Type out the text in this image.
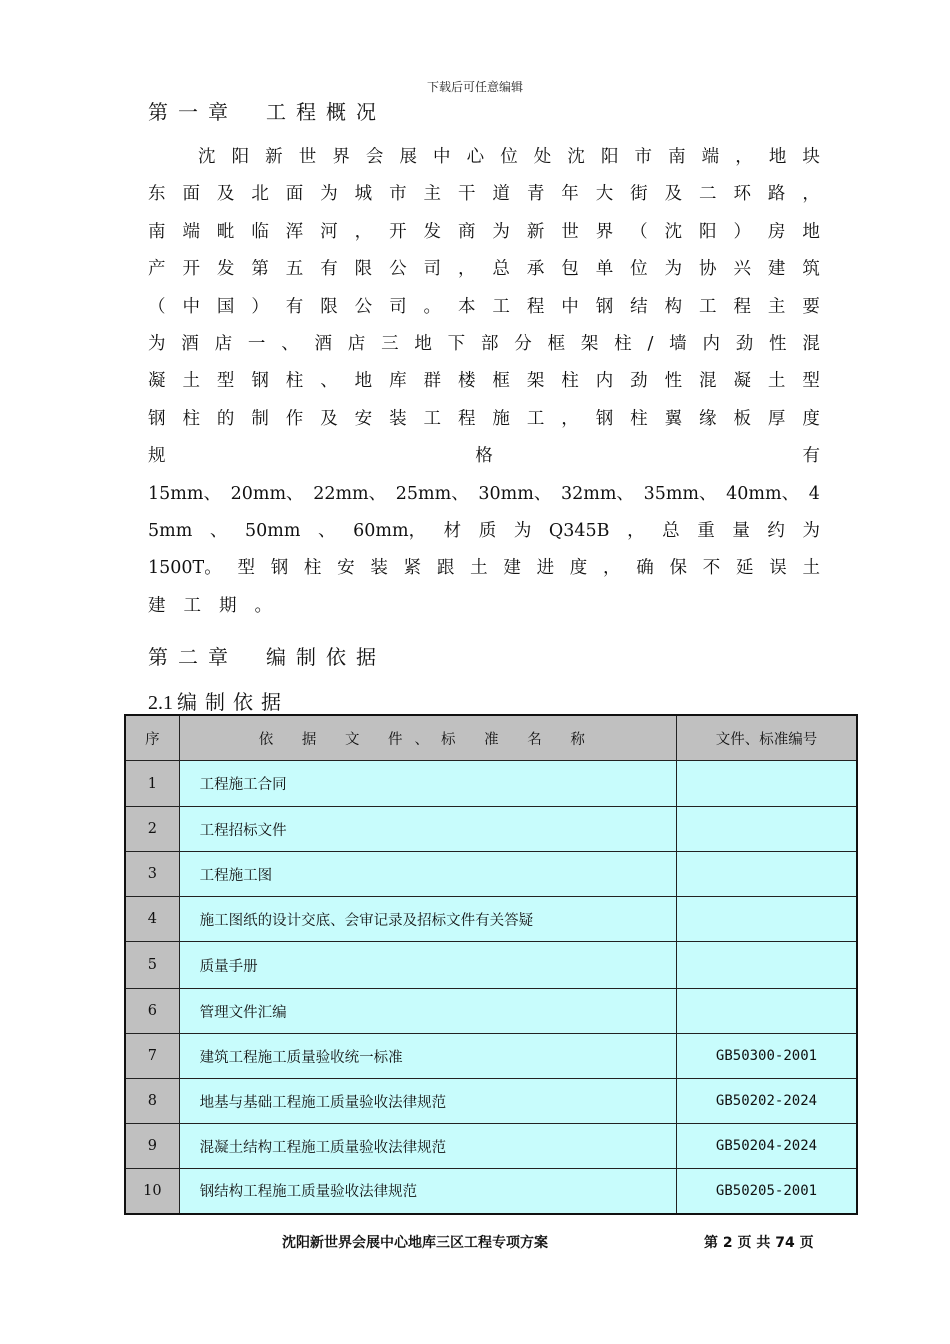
下载后可任意编辑
第一章 工程概况
沈 阳 新 世 界 会 展 中 心 位 处 沈 阳 市 南 端 ， 地 块
东 面 及 北 面 为 城 市 主 干 道 青 年 大 街 及 二 环 路 ，
南 端 毗 临 浑 河 ， 开 发 商 为 新 世 界 （ 沈 阳 ） 房 地
产 开 发 第 五 有 限 公 司 ， 总 承 包 单 位 为 协 兴 建 筑
（ 中 国 ） 有 限 公 司 。 本 工 程 中 钢 结 构 工 程 主 要
为 酒 店 一 、 酒 店 三 地 下 部 分 框 架 柱 / 墙 内 劲 性 混
凝 土 型 钢 柱 、 地 库 群 楼 框 架 柱 内 劲 性 混 凝 土 型
钢 柱 的 制 作 及 安 装 工 程 施 工 ， 钢 柱 翼 缘 板 厚 度
规	格	有
15mm、 20mm、 22mm、 25mm、 30mm、 32mm、 35mm、 40mm、 4
5mm 、 50mm 、 60mm， 材 质 为 Q345B ， 总 重 量 约 为
1500T。 型 钢 柱 安 装 紧 跟 土 建 进 度 ， 确 保 不 延 误 土
建 工 期 。
第二章 编制依据
2.1 编制依据
序	依 据 文 件、标 准 名 称	文件、标准编号
1	工程施工合同	
2	工程招标文件	
3	工程施工图	
4	施工图纸的设计交底、会审记录及招标文件有关答疑	
5	质量手册	
6	管理文件汇编	
7	建筑工程施工质量验收统一标准	GB50300-2001
8	地基与基础工程施工质量验收法律规范	GB50202-2024
9	混凝土结构工程施工质量验收法律规范	GB50204-2024
10	钢结构工程施工质量验收法律规范	GB50205-2001
沈阳新世界会展中心地库三区工程专项方案	第 2 页 共 74 页
